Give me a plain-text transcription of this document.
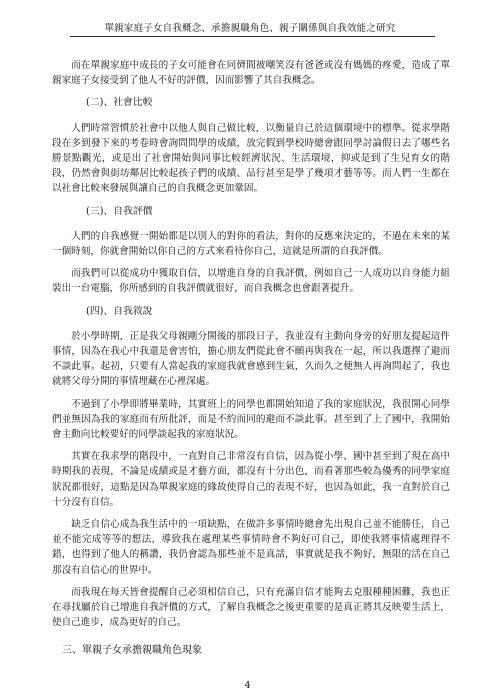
單親家庭子女自我概念、承擔親職角色、親子關係與自我效能之研究

而在單親家庭中成長的子女可能會在同儕間被嘲笑沒有爸爸或沒有媽媽的疼愛，造成了單親家庭子女接受到了他人不好的評價，因而影響了其自我概念。

(二)、社會比較

人們時常習慣於社會中以他人與自己做比較，以衡量自己於這個環境中的標準。從求學階段在多到發下來的考卷時會詢問問學的成績，放完假到學校時總會跟同學討論假日去了哪些名勝景點觀光，或是出了社會開始與同事比較經濟狀況、生活環境，抑或是到了生兒育女的階段，仍然會與街坊鄰居比較起孩子們的成績、品行甚至是學了幾項才藝等等。而人們一生都在以社會比較來發展與讓自己的自我概念更加鞏固。

(三)、自我評價

人們的自我感覺一開始都是以別人的對你的看法，對你的反應來決定的，不過在未來的某一個時刻，你就會開始以你自己的方式來看待你自己，這就是所謂的自我評價。

而我們可以從成功中獲取自信，以增進自身的自我評價，例如自己一人成功以自身能力組裝出一台電腦，你所感到的自我評價就很好，而自我概念也會跟著提升。

(四)、自我敘說

於小學時期，正是我父母親剛分開後的那段日子，我並沒有主動向身旁的好朋友提起這件事情，因為在我心中我還是會害怕，擔心朋友們從此會不願再與我在一起，所以我選擇了避而不談此事。起初，只要有人當起我的家庭我就會感到生氣，久而久之便無人再詢問起了，我也就將父母分開的事情埋藏在心裡深處。

不過到了小學即將畢業時，其實班上的同學也都開始知道了我的家庭狀況，我很開心同學們並無因為我的家庭而有所批評，而是不約而同的避而不談此事。甚至到了上了國中，我開始會主動向比較要好的同學談起我的家庭狀況。

其實在我求學的階段中，一直對自己非常沒有自信，因為從小學、國中甚至到了現在高中時期我的表現，不論是成績或是才藝方面，都沒有十分出色，而看著那些較為優秀的同學家庭狀況都很好，這點是因為單親家庭的緣故使得自己的表現不好，也因為如此，我一直對於自己十分沒有自信。

缺乏自信心成為我生活中的一項缺點，在做許多事情時總會先出現自己並不能勝任，自己並不能完成等等的想法，導致我在處理某些事情時會不夠好可自己，即使我將事情處理得不錯，也得到了他人的稱讚，我仍會認為那些並不是真話，事實就是我不夠好，無限的活在自己那沒有自信心的世界中。

而我現在每天皆會提醒自己必須相信自己，只有充滿自信才能夠去克服種種困難，我也正在尋找屬於自己增進自我評價的方式，了解自我概念之後更重要的是真正將其反映要生活上，使自己進步，成為更好的自己。

三、單親子女承擔親職角色現象
4
